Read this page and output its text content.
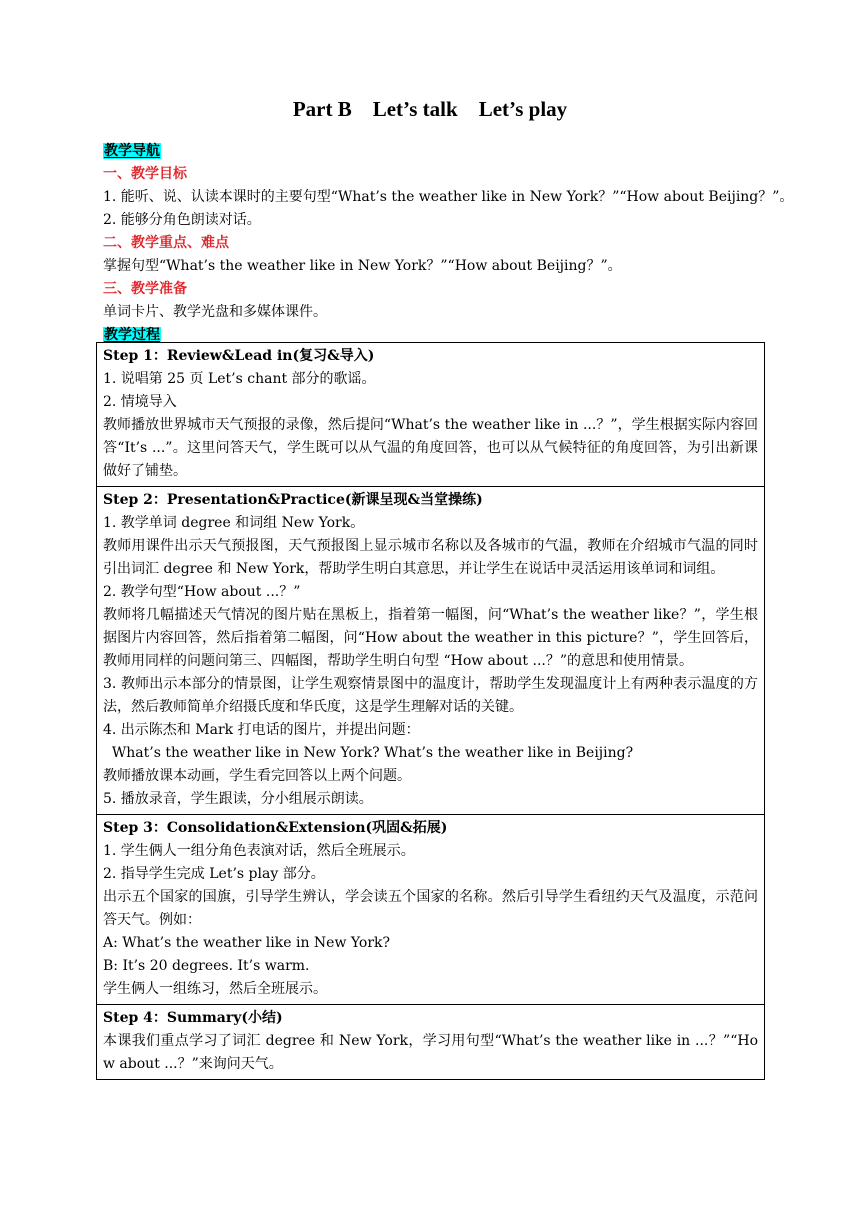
Part B　Let’s talk　Let’s play
教学导航
一、教学目标
1. 能听、说、认读本课时的主要句型“What’s the weather like in New York？”“How about Beijing？”。
2. 能够分角色朗读对话。
二、教学重点、难点
掌握句型“What’s the weather like in New York？”“How about Beijing？”。
三、教学准备
单词卡片、教学光盘和多媒体课件。
教学过程
Step 1：Review&Lead in(复习&导入)
1. 说唱第 25 页 Let’s chant 部分的歌谣。
2. 情境导入
教师播放世界城市天气预报的录像，然后提问“What’s the weather like in ...？”，学生根据实际内容回答“It’s ...”。这里问答天气，学生既可以从气温的角度回答，也可以从气候特征的角度回答，为引出新课做好了铺垫。

Step 2：Presentation&Practice(新课呈现&当堂操练)
1. 教学单词 degree 和词组 New York。
教师用课件出示天气预报图，天气预报图上显示城市名称以及各城市的气温，教师在介绍城市气温的同时引出词汇 degree 和 New York，帮助学生明白其意思，并让学生在说话中灵活运用该单词和词组。
2. 教学句型“How about ...？”
教师将几幅描述天气情况的图片贴在黑板上，指着第一幅图，问“What’s the weather like？”，学生根据图片内容回答，然后指着第二幅图，问“How about the weather in this picture？”，学生回答后，教师用同样的问题问第三、四幅图，帮助学生明白句型 “How about ...？”的意思和使用情景。
3. 教师出示本部分的情景图，让学生观察情景图中的温度计，帮助学生发现温度计上有两种表示温度的方法，然后教师简单介绍摄氏度和华氏度，这是学生理解对话的关键。
4. 出示陈杰和 Mark 打电话的图片，并提出问题：
What’s the weather like in New York? What’s the weather like in Beijing?
教师播放课本动画，学生看完回答以上两个问题。
5. 播放录音，学生跟读，分小组展示朗读。

Step 3：Consolidation&Extension(巩固&拓展)
1. 学生俩人一组分角色表演对话，然后全班展示。
2. 指导学生完成 Let’s play 部分。
出示五个国家的国旗，引导学生辨认，学会读五个国家的名称。然后引导学生看纽约天气及温度，示范问答天气。例如：
A: What’s the weather like in New York?
B: It’s 20 degrees. It’s warm.
学生俩人一组练习，然后全班展示。

Step 4：Summary(小结)
本课我们重点学习了词汇 degree 和 New York，学习用句型“What’s the weather like in ...？”“How about ...？”来询问天气。
